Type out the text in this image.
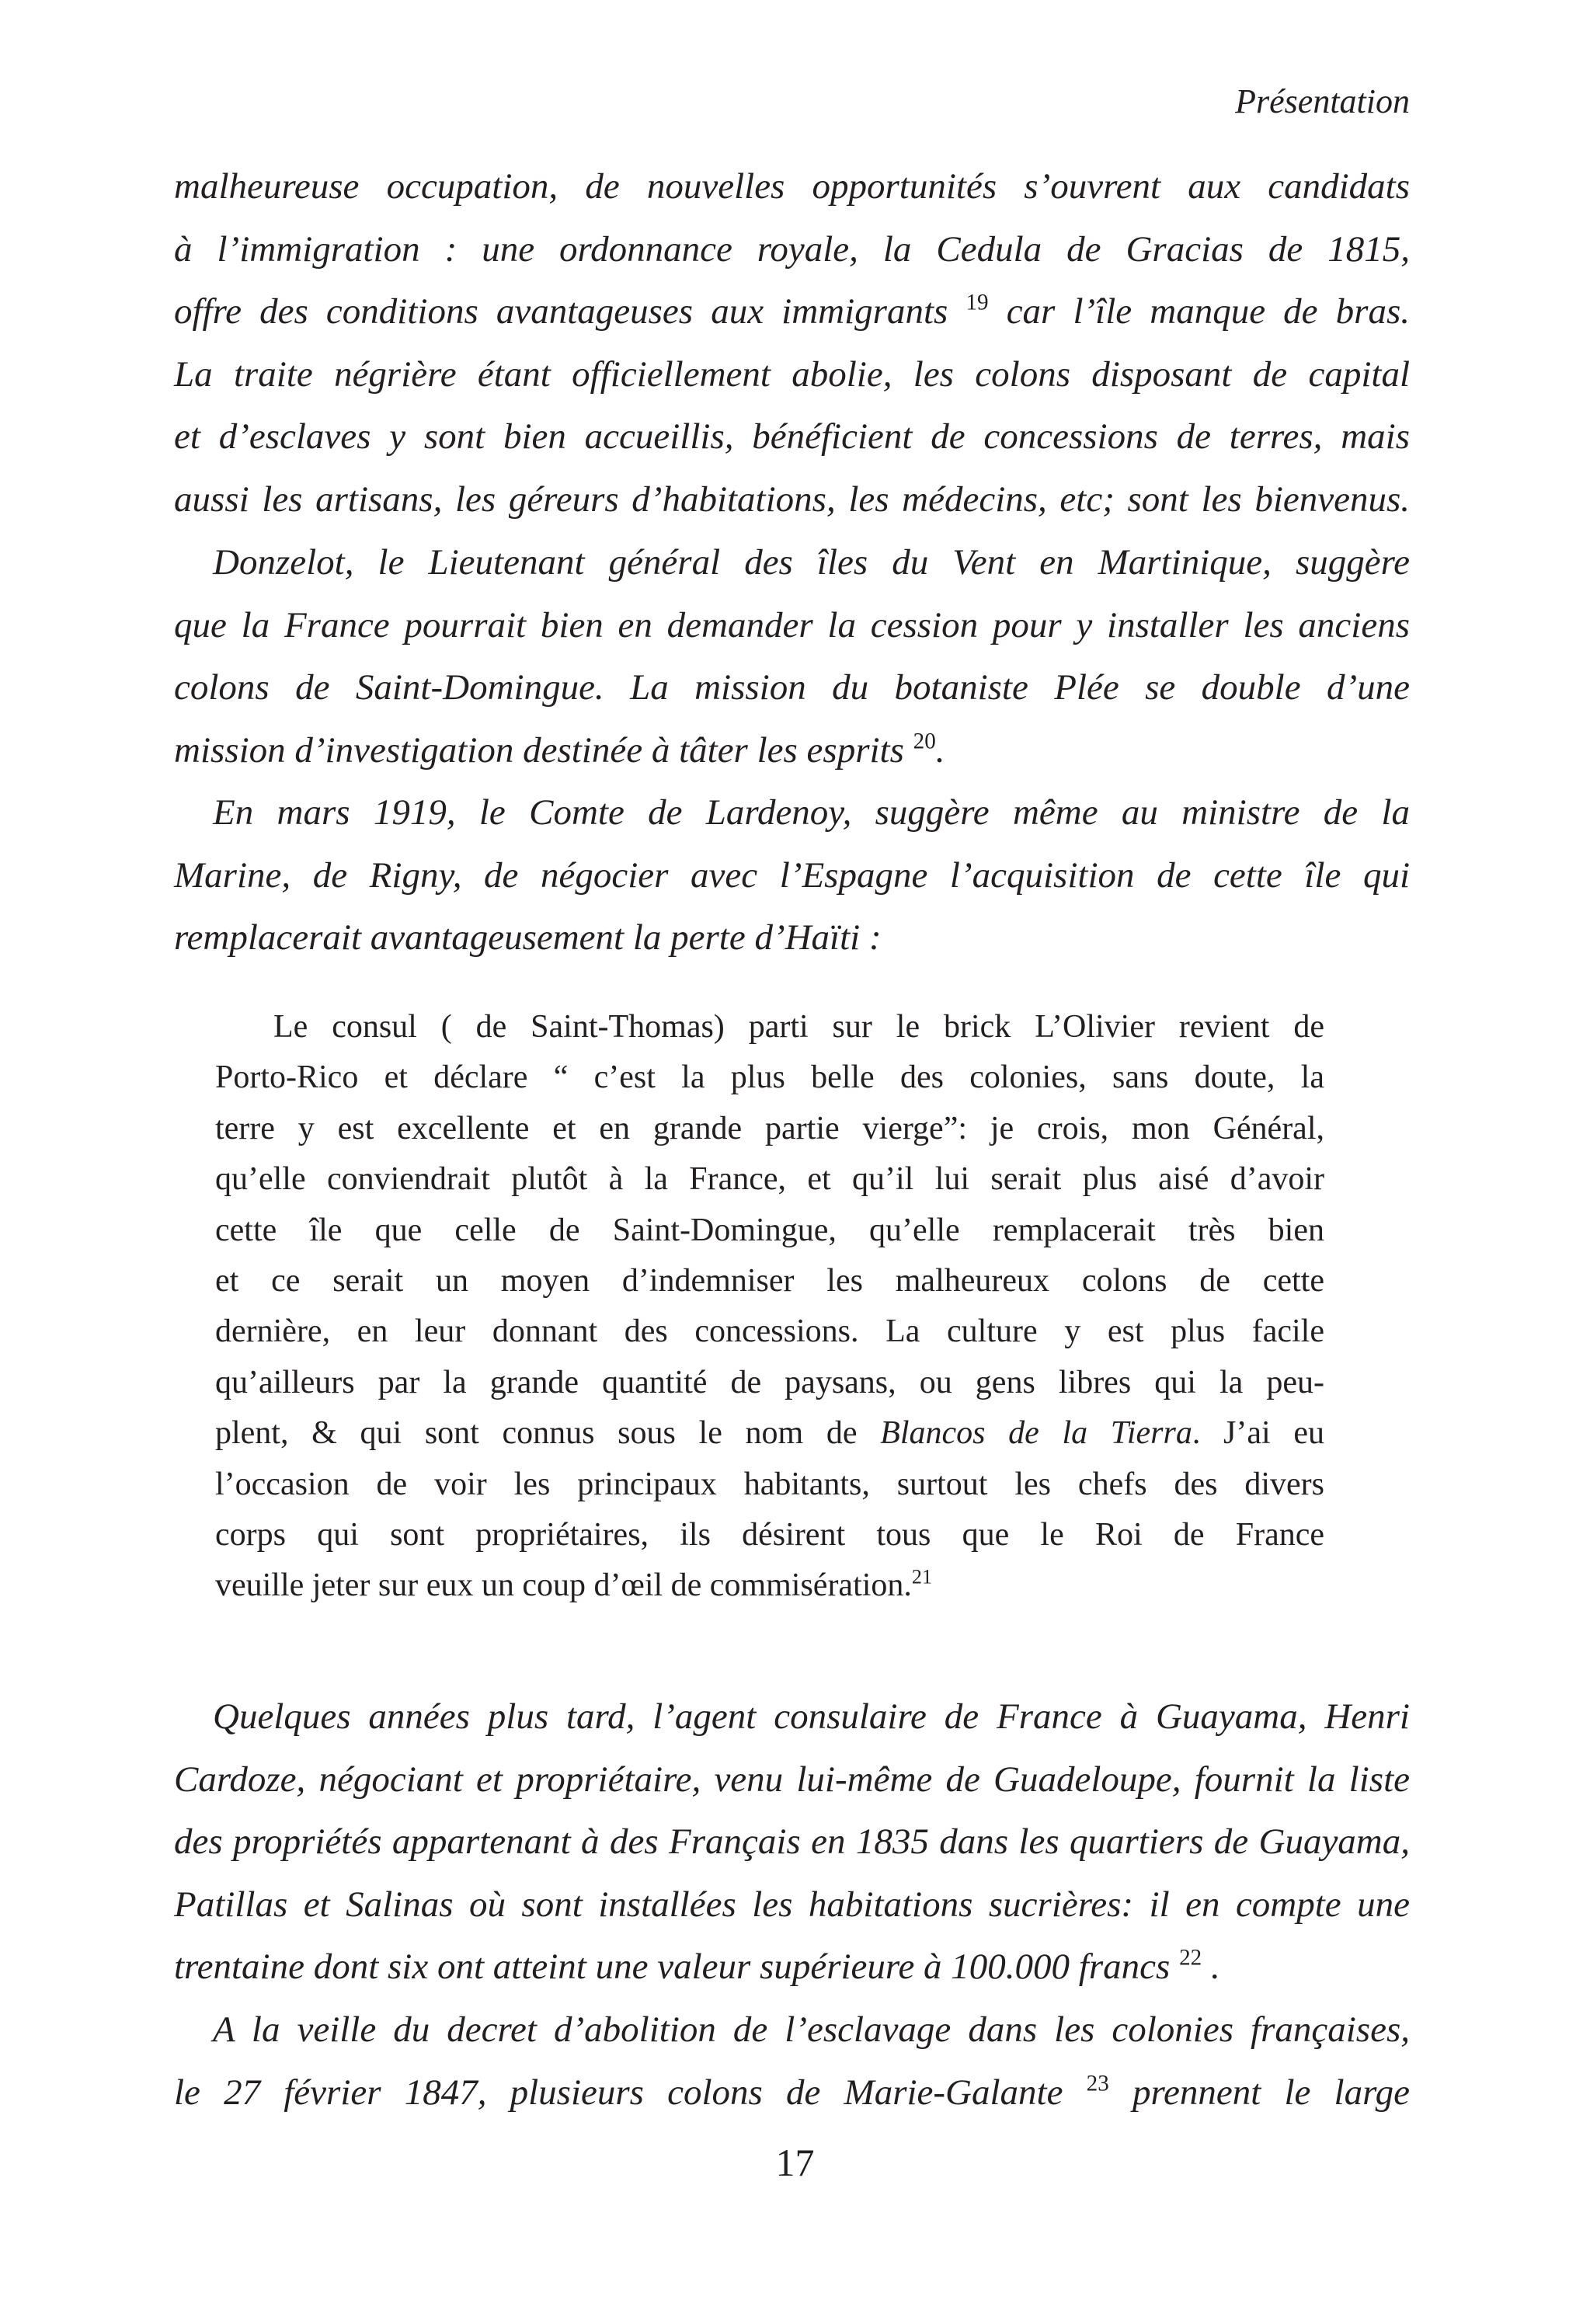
Présentation
malheureuse occupation, de nouvelles opportunités s’ouvrent aux candidats
à l’immigration : une ordonnance royale, la Cedula de Gracias de 1815,
offre des conditions avantageuses aux immigrants $^{19}$ car l’île manque de bras.
La traite négrière étant officiellement abolie, les colons disposant de capital
et d’esclaves y sont bien accueillis, bénéficient de concessions de terres, mais
aussi les artisans, les géreurs d’habitations, les médecins, etc; sont les bienvenus.
Donzelot, le Lieutenant général des îles du Vent en Martinique, suggère
que la France pourrait bien en demander la cession pour y installer les anciens
colons de Saint-Domingue. La mission du botaniste Plée se double d’une
mission d’investigation destinée à tâter les esprits $^{20}$.
En mars 1919, le Comte de Lardenoy, suggère même au ministre de la
Marine, de Rigny, de négocier avec l’Espagne l’acquisition de cette île qui
remplacerait avantageusement la perte d’Haïti :
Le consul ( de Saint-Thomas) parti sur le brick L’Olivier revient de
Porto-Rico et déclare “ c’est la plus belle des colonies, sans doute, la
terre y est excellente et en grande partie vierge”: je crois, mon Général,
qu’elle conviendrait plutôt à la France, et qu’il lui serait plus aisé d’avoir
cette île que celle de Saint-Domingue, qu’elle remplacerait très bien
et ce serait un moyen d’indemniser les malheureux colons de cette
dernière, en leur donnant des concessions. La culture y est plus facile
qu’ailleurs par la grande quantité de paysans, ou gens libres qui la peu-
plent, & qui sont connus sous le nom de Blancos de la Tierra. J’ai eu
l’occasion de voir les principaux habitants, surtout les chefs des divers
corps qui sont propriétaires, ils désirent tous que le Roi de France
veuille jeter sur eux un coup d’œil de commisération.$^{21}$
Quelques années plus tard, l’agent consulaire de France à Guayama, Henri
Cardoze, négociant et propriétaire, venu lui-même de Guadeloupe, fournit la liste
des propriétés appartenant à des Français en 1835 dans les quartiers de Guayama,
Patillas et Salinas où sont installées les habitations sucrières: il en compte une
trentaine dont six ont atteint une valeur supérieure à 100.000 francs $^{22}$ .
A la veille du decret d’abolition de l’esclavage dans les colonies françaises,
le 27 février 1847, plusieurs colons de Marie-Galante $^{23}$ prennent le large
17
